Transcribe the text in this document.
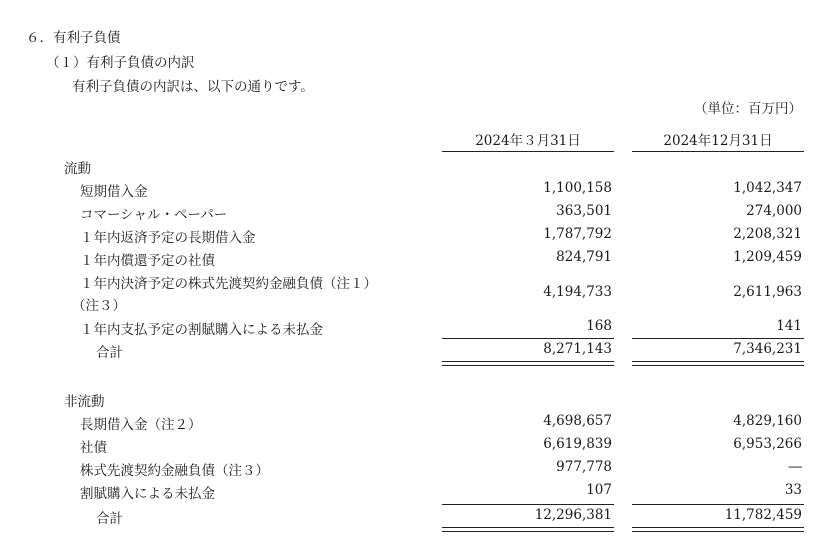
６．有利子負債
（１）有利子負債の内訳
有利子負債の内訳は、以下の通りです。
（単位：百万円）
2024年３月31日	2024年12月31日
流動
短期借入金	1,100,158	1,042,347
コマーシャル・ペーパー	363,501	274,000
１年内返済予定の長期借入金	1,787,792	2,208,321
１年内償還予定の社債	824,791	1,209,459
１年内決済予定の株式先渡契約金融負債（注１）
（注３）
4,194,733	2,611,963
１年内支払予定の割賦購入による未払金	168	141
合計	8,271,143	7,346,231
非流動
長期借入金（注２）	4,698,657	4,829,160
社債	6,619,839	6,953,266
株式先渡契約金融負債（注３）	977,778	―
割賦購入による未払金	107	33
合計	12,296,381	11,782,459
